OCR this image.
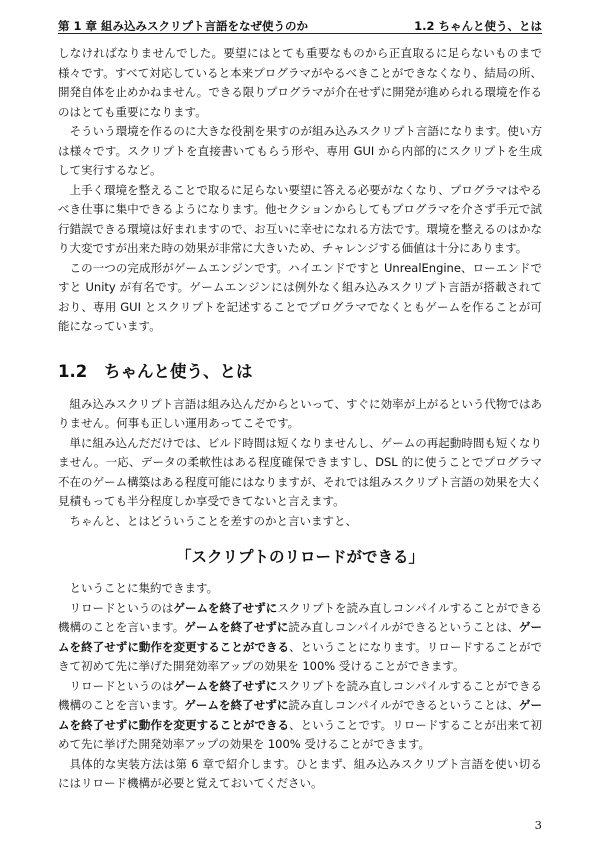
第 1 章 組み込みスクリプト言語をなぜ使うのか	1.2 ちゃんと使う、とは

しなければなりませんでした。要望にはとても重要なものから正直取るに足らないものまで様々です。すべて対応していると本来プログラマがやるべきことができなくなり、結局の所、開発自体を止めかねません。できる限りプログラマが介在せずに開発が進められる環境を作るのはとても重要になります。

そういう環境を作るのに大きな役割を果すのが組み込みスクリプト言語になります。使い方は様々です。スクリプトを直接書いてもらう形や、専用 GUI から内部的にスクリプトを生成して実行するなど。

上手く環境を整えることで取るに足らない要望に答える必要がなくなり、プログラマはやるべき仕事に集中できるようになります。他セクションからしてもプログラマを介さず手元で試行錯誤できる環境は好まれますので、お互いに幸せになれる方法です。環境を整えるのはかなり大変ですが出来た時の効果が非常に大きいため、チャレンジする価値は十分にあります。

この一つの完成形がゲームエンジンです。ハイエンドですと UnrealEngine、ローエンドですと Unity が有名です。ゲームエンジンには例外なく組み込みスクリプト言語が搭載されており、専用 GUI とスクリプトを記述することでプログラマでなくともゲームを作ることが可能になっています。

1.2 ちゃんと使う、とは

組み込みスクリプト言語は組み込んだからといって、すぐに効率が上がるという代物ではありません。何事も正しい運用あってこそです。

単に組み込んだだけでは、ビルド時間は短くなりませんし、ゲームの再起動時間も短くなりません。一応、データの柔軟性はある程度確保できますし、DSL 的に使うことでプログラマ不在のゲーム構築はある程度可能にはなりますが、それでは組みスクリプト言語の効果を大く見積もっても半分程度しか享受できてないと言えます。

ちゃんと、とはどういうことを差すのかと言いますと、

「スクリプトのリロードができる」

ということに集約できます。

リロードというのはゲームを終了せずにスクリプトを読み直しコンパイルすることができる機構のことを言います。ゲームを終了せずに読み直しコンパイルができるということは、ゲームを終了せずに動作を変更することができる、ということになります。リロードすることができて初めて先に挙げた開発効率アップの効果を 100% 受けることができます。

リロードというのはゲームを終了せずにスクリプトを読み直しコンパイルすることができる機構のことを言います。ゲームを終了せずに読み直しコンパイルができるということは、ゲームを終了せずに動作を変更することができる、ということです。リロードすることが出来て初めて先に挙げた開発効率アップの効果を 100% 受けることができます。

具体的な実装方法は第 6 章で紹介します。ひとまず、組み込みスクリプト言語を使い切るにはリロード機構が必要と覚えておいてください。

3
